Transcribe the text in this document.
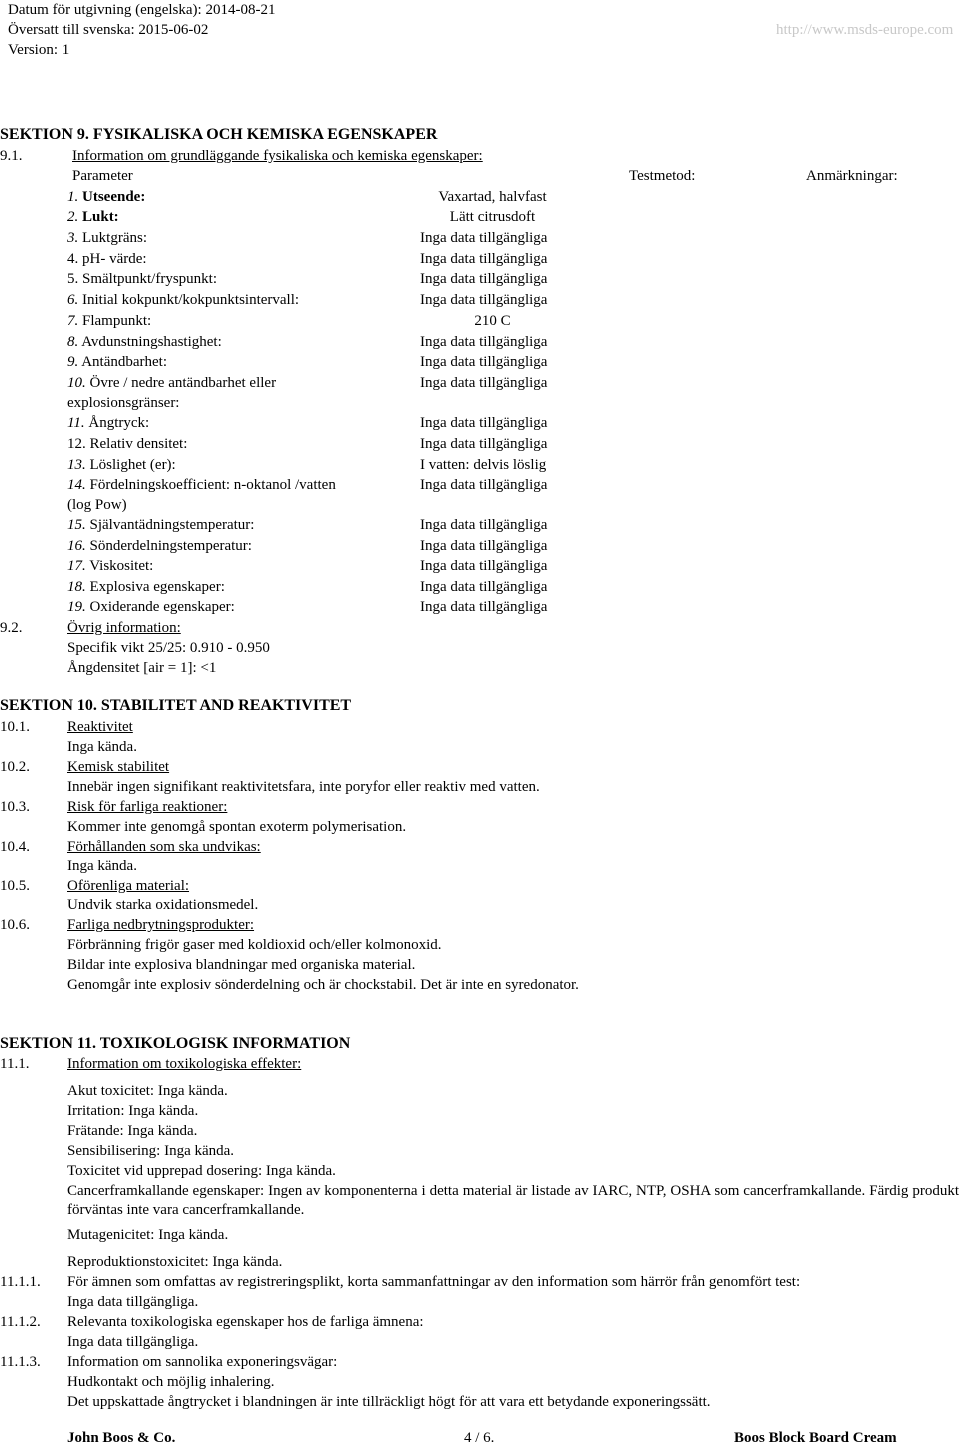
Datum för utgivning (engelska): 2014-08-21
Översatt till svenska: 2015-06-02
Version: 1
http://www.msds-europe.com
SEKTION 9. FYSIKALISKA OCH KEMISKA EGENSKAPER
9.1.	Information om grundläggande fysikaliska och kemiska egenskaper:
Parameter	Testmetod:	Anmärkningar:
1. Utseende:	Vaxartad, halvfast
2. Lukt:	Lätt citrusdoft
3. Luktgräns:	Inga data tillgängliga
4. pH- värde:	Inga data tillgängliga
5. Smältpunkt/fryspunkt:	Inga data tillgängliga
6. Initial kokpunkt/kokpunktsintervall:	Inga data tillgängliga
7. Flampunkt:	210 C
8. Avdunstningshastighet:	Inga data tillgängliga
9. Antändbarhet:	Inga data tillgängliga
10. Övre / nedre antändbarhet eller	Inga data tillgängliga
explosionsgränser:
11. Ångtryck:	Inga data tillgängliga
12. Relativ densitet:	Inga data tillgängliga
13. Löslighet (er):	I vatten: delvis löslig
14. Fördelningskoefficient: n-oktanol /vatten	Inga data tillgängliga
(log Pow)
15. Självantädningstemperatur:	Inga data tillgängliga
16. Sönderdelningstemperatur:	Inga data tillgängliga
17. Viskositet:	Inga data tillgängliga
18. Explosiva egenskaper:	Inga data tillgängliga
19. Oxiderande egenskaper:	Inga data tillgängliga
9.2.	Övrig information:
Specifik vikt 25/25: 0.910 - 0.950
Ångdensitet [air = 1]: <1
SEKTION 10. STABILITET AND REAKTIVITET
10.1. Reaktivitet
Inga kända.
10.2. Kemisk stabilitet
Innebär ingen signifikant reaktivitetsfara, inte poryfor eller reaktiv med vatten.
10.3. Risk för farliga reaktioner:
Kommer inte genomgå spontan exoterm polymerisation.
10.4. Förhållanden som ska undvikas:
Inga kända.
10.5. Oförenliga material:
Undvik starka oxidationsmedel.
10.6. Farliga nedbrytningsprodukter:
Förbränning frigör gaser med koldioxid och/eller kolmonoxid.
Bildar inte explosiva blandningar med organiska material.
Genomgår inte explosiv sönderdelning och är chockstabil. Det är inte en syredonator.
SEKTION 11. TOXIKOLOGISK INFORMATION
11.1.	Information om toxikologiska effekter:
Akut toxicitet: Inga kända.
Irritation: Inga kända.
Frätande: Inga kända.
Sensibilisering: Inga kända.
Toxicitet vid upprepad dosering: Inga kända.
Cancerframkallande egenskaper: Ingen av komponenterna i detta material är listade av IARC, NTP, OSHA som cancerframkallande. Färdig produkt förväntas inte vara cancerframkallande.
Mutagenicitet: Inga kända.
Reproduktionstoxicitet: Inga kända.
11.1.1. För ämnen som omfattas av registreringsplikt, korta sammanfattningar av den information som härrör från genomfört test:
Inga data tillgängliga.
11.1.2. Relevanta toxikologiska egenskaper hos de farliga ämnena:
Inga data tillgängliga.
11.1.3. Information om sannolika exponeringsvägar:
Hudkontakt och möjlig inhalering.
Det uppskattade ångtrycket i blandningen är inte tillräckligt högt för att vara ett betydande exponeringssätt.
John Boos & Co.	4 / 6.	Boos Block Board Cream
